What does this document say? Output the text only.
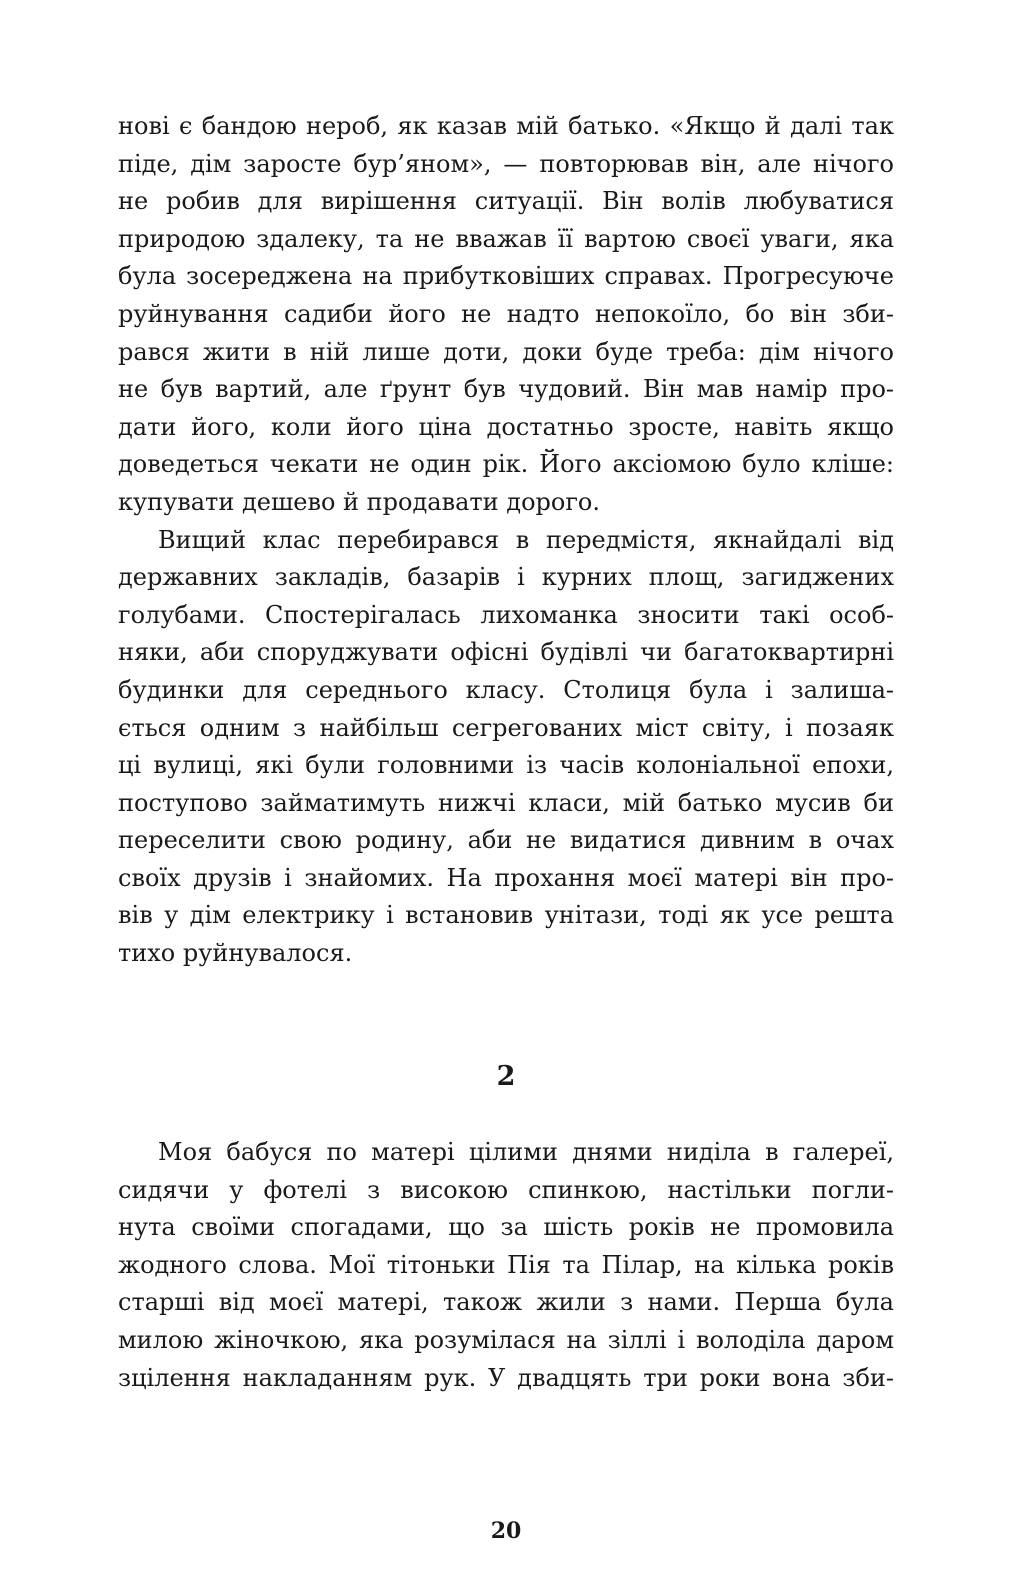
нові є бандою нероб, як казав мій батько. «Якщо й далі так
піде, дім заросте бур’яном», — повторював він, але нічого
не робив для вирішення ситуації. Він волів любуватися
природою здалеку, та не вважав її вартою своєї уваги, яка
була зосереджена на прибутковіших справах. Прогресуюче
руйнування садиби його не надто непокоїло, бо він зби-
рався жити в ній лише доти, доки буде треба: дім нічого
не був вартий, але ґрунт був чудовий. Він мав намір про-
дати його, коли його ціна достатньо зросте, навіть якщо
доведеться чекати не один рік. Його аксіомою було кліше:
купувати дешево й продавати дорого.

Вищий клас перебирався в передмістя, якнайдалі від
державних закладів, базарів і курних площ, загиджених
голубами. Спостерігалась лихоманка зносити такі особ-
няки, аби споруджувати офісні будівлі чи багатоквартирні
будинки для середнього класу. Столиця була і залиша-
ється одним з найбільш сегрегованих міст світу, і позаяк
ці вулиці, які були головними із часів колоніальної епохи,
поступово займатимуть нижчі класи, мій батько мусив би
переселити свою родину, аби не видатися дивним в очах
своїх друзів і знайомих. На прохання моєї матері він про-
вів у дім електрику і встановив унітази, тоді як усе решта
тихо руйнувалося.

2

Моя бабуся по матері цілими днями ниділа в галереї,
сидячи у фотелі з високою спинкою, настільки погли-
нута своїми спогадами, що за шість років не промовила
жодного слова. Мої тітоньки Пія та Пілар, на кілька років
старші від моєї матері, також жили з нами. Перша була
милою жіночкою, яка розумілася на зіллі і володіла даром
зцілення накладанням рук. У двадцять три роки вона зби-

20
